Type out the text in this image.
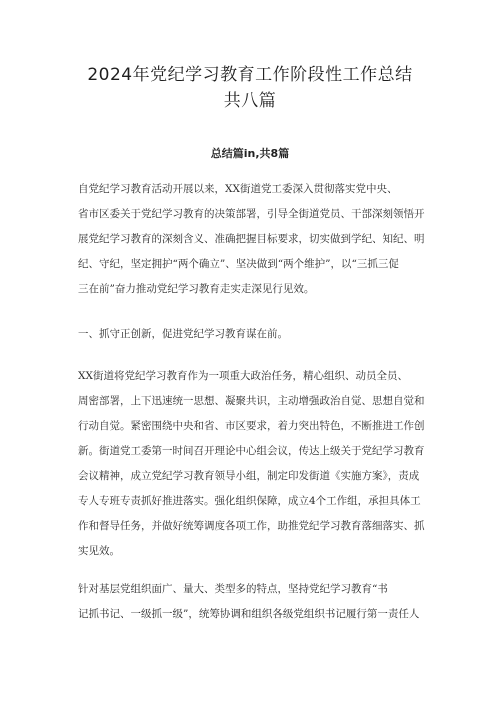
2024年党纪学习教育工作阶段性工作总结
共八篇
总结篇in,共8篇
自党纪学习教育活动开展以来，XX街道党工委深入贯彻落实党中央、
省市区委关于党纪学习教育的决策部署，引导全街道党员、干部深刻领悟开
展党纪学习教育的深刻含义、准确把握目标要求，切实做到学纪、知纪、明
纪、守纪，坚定拥护“两个确立”、坚决做到“两个维护”，以“三抓三促
三在前”奋力推动党纪学习教育走实走深见行见效。
一、抓守正创新，促进党纪学习教育谋在前。
XX街道将党纪学习教育作为一项重大政治任务，精心组织、动员全员、
周密部署，上下迅速统一思想、凝聚共识，主动增强政治自觉、思想自觉和
行动自觉。紧密围绕中央和省、市区要求，着力突出特色，不断推进工作创
新。街道党工委第一时间召开理论中心组会议，传达上级关于党纪学习教育
会议精神，成立党纪学习教育领导小组，制定印发街道《实施方案》，责成
专人专班专责抓好推进落实。强化组织保障，成立4个工作组，承担具体工
作和督导任务，并做好统筹调度各项工作，助推党纪学习教育落细落实、抓
实见效。
针对基层党组织面广、量大、类型多的特点，坚持党纪学习教育“书
记抓书记、一级抓一级”，统筹协调和组织各级党组织书记履行第一责任人
